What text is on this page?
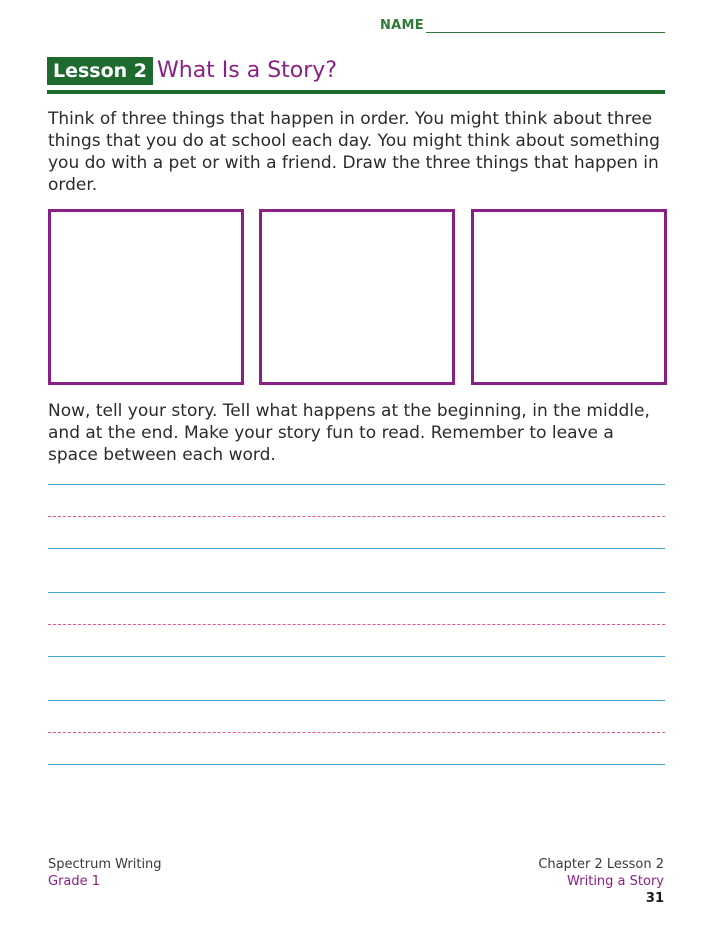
NAME
Lesson 2 What Is a Story?
Think of three things that happen in order. You might think about three things that you do at school each day. You might think about something you do with a pet or with a friend. Draw the three things that happen in order.
Now, tell your story. Tell what happens at the beginning, in the middle, and at the end. Make your story fun to read. Remember to leave a space between each word.
Spectrum Writing
Grade 1
Chapter 2 Lesson 2
Writing a Story
31
